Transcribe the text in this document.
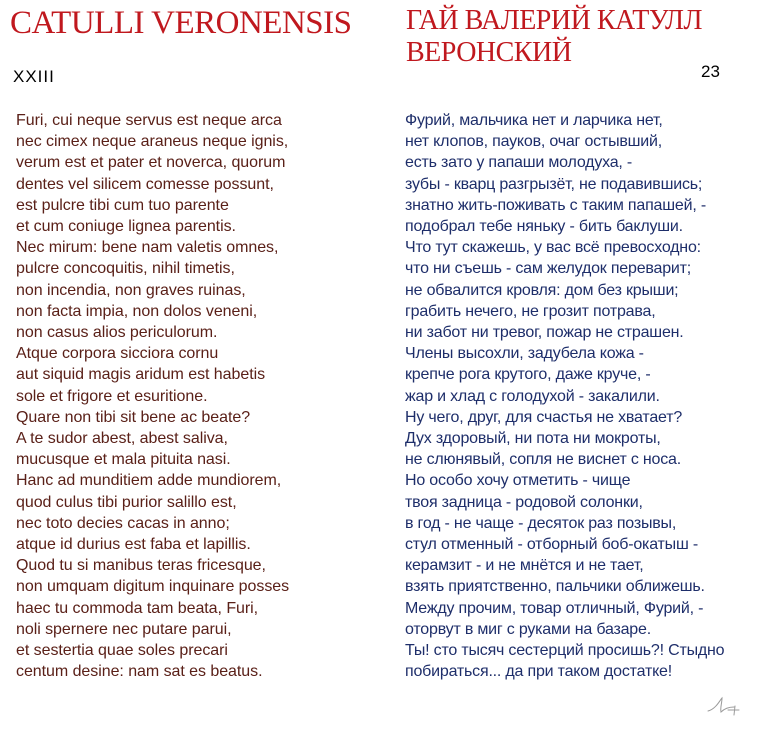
CATULLI VERONENSIS ГАЙ ВАЛЕРИЙ КАТУЛЛ
ВЕРОНСКИЙ
XXIII	23
Furi, cui neque servus est neque arca
nec cimex neque araneus neque ignis,
verum est et pater et noverca, quorum
dentes vel silicem comesse possunt,
est pulcre tibi cum tuo parente
et cum coniuge lignea parentis.
Nec mirum: bene nam valetis omnes,
pulcre concoquitis, nihil timetis,
non incendia, non graves ruinas,
non facta impia, non dolos veneni,
non casus alios periculorum.
Atque corpora sicciora cornu
aut siquid magis aridum est habetis
sole et frigore et esuritione.
Quare non tibi sit bene ac beate?
A te sudor abest, abest saliva,
mucusque et mala pituita nasi.
Hanc ad munditiem adde mundiorem,
quod culus tibi purior salillo est,
nec toto decies cacas in anno;
atque id durius est faba et lapillis.
Quod tu si manibus teras fricesque,
non umquam digitum inquinare posses
haec tu commoda tam beata, Furi,
noli spernere nec putare parui,
et sestertia quae soles precari
centum desine: nam sat es beatus.
Фурий, мальчика нет и ларчика нет,
нет клопов, пауков, очаг остывший,
есть зато у папаши молодуха, -
зубы - кварц разгрызёт, не подавившись;
знатно жить-поживать с таким папашей, -
подобрал тебе няньку - бить баклуши.
Что тут скажешь, у вас всё превосходно:
что ни съешь - сам желудок переварит;
не обвалится кровля: дом без крыши;
грабить нечего, не грозит потрава,
ни забот ни тревог, пожар не страшен.
Члены высохли, задубела кожа -
крепче рога крутого, даже круче, -
жар и хлад с голодухой - закалили.
Ну чего, друг, для счастья не хватает?
Дух здоровый, ни пота ни мокроты,
не слюнявый, сопля не виснет с носа.
Но особо хочу отметить - чище
твоя задница - родовой солонки,
в год - не чаще - десяток раз позывы,
стул отменный - отборный боб-окатыш -
керамзит - и не мнётся и не тает,
взять приятственно, пальчики оближешь.
Между прочим, товар отличный, Фурий, -
оторвут в миг с руками на базаре.
Ты! сто тысяч сестерций просишь?! Стыдно
побираться... да при таком достатке!
